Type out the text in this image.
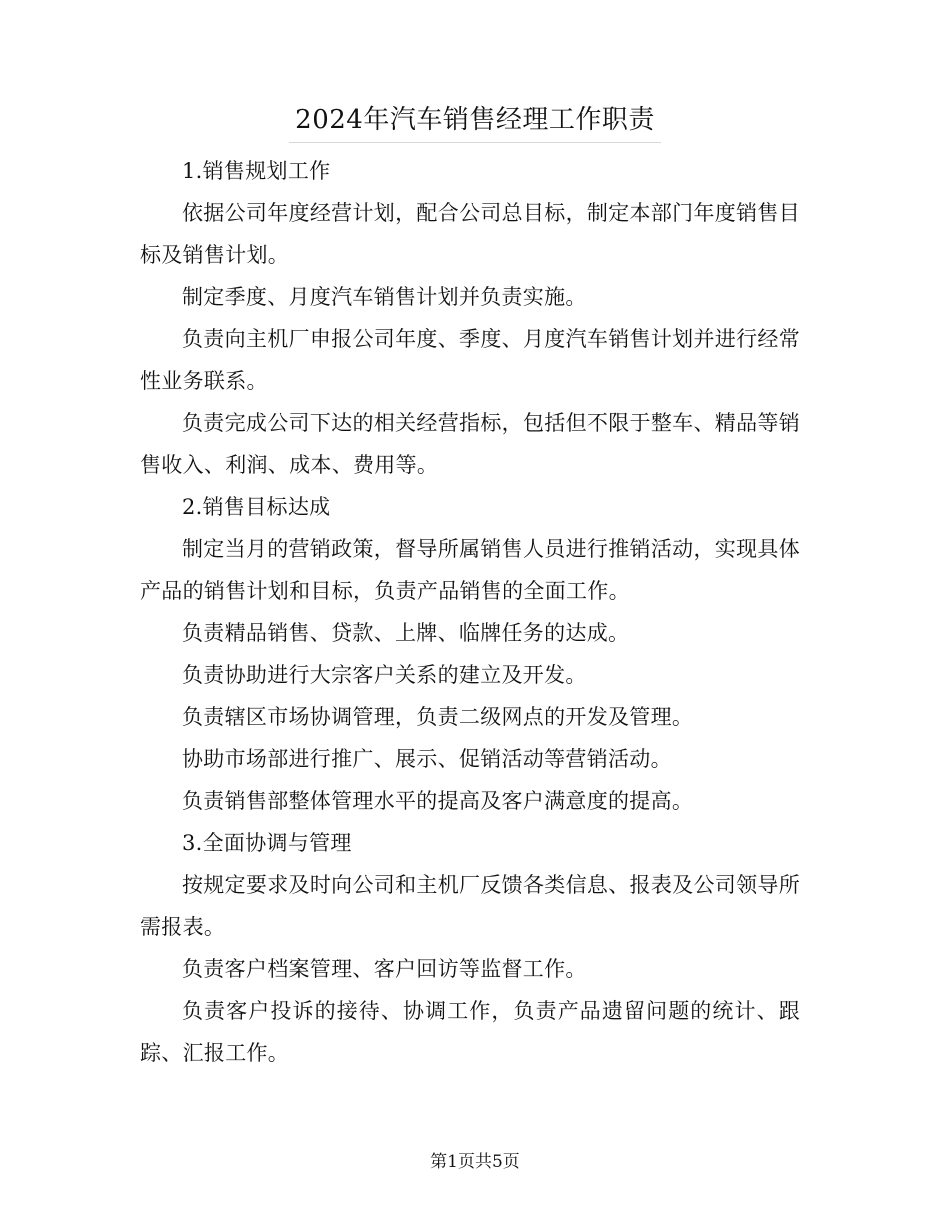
2024年汽车销售经理工作职责

1.销售规划工作

依据公司年度经营计划，配合公司总目标，制定本部门年度销售目标及销售计划。

制定季度、月度汽车销售计划并负责实施。

负责向主机厂申报公司年度、季度、月度汽车销售计划并进行经常性业务联系。

负责完成公司下达的相关经营指标，包括但不限于整车、精品等销售收入、利润、成本、费用等。

2.销售目标达成

制定当月的营销政策，督导所属销售人员进行推销活动，实现具体产品的销售计划和目标，负责产品销售的全面工作。

负责精品销售、贷款、上牌、临牌任务的达成。

负责协助进行大宗客户关系的建立及开发。

负责辖区市场协调管理，负责二级网点的开发及管理。

协助市场部进行推广、展示、促销活动等营销活动。

负责销售部整体管理水平的提高及客户满意度的提高。

3.全面协调与管理

按规定要求及时向公司和主机厂反馈各类信息、报表及公司领导所需报表。

负责客户档案管理、客户回访等监督工作。

负责客户投诉的接待、协调工作，负责产品遗留问题的统计、跟踪、汇报工作。

第1页共5页
